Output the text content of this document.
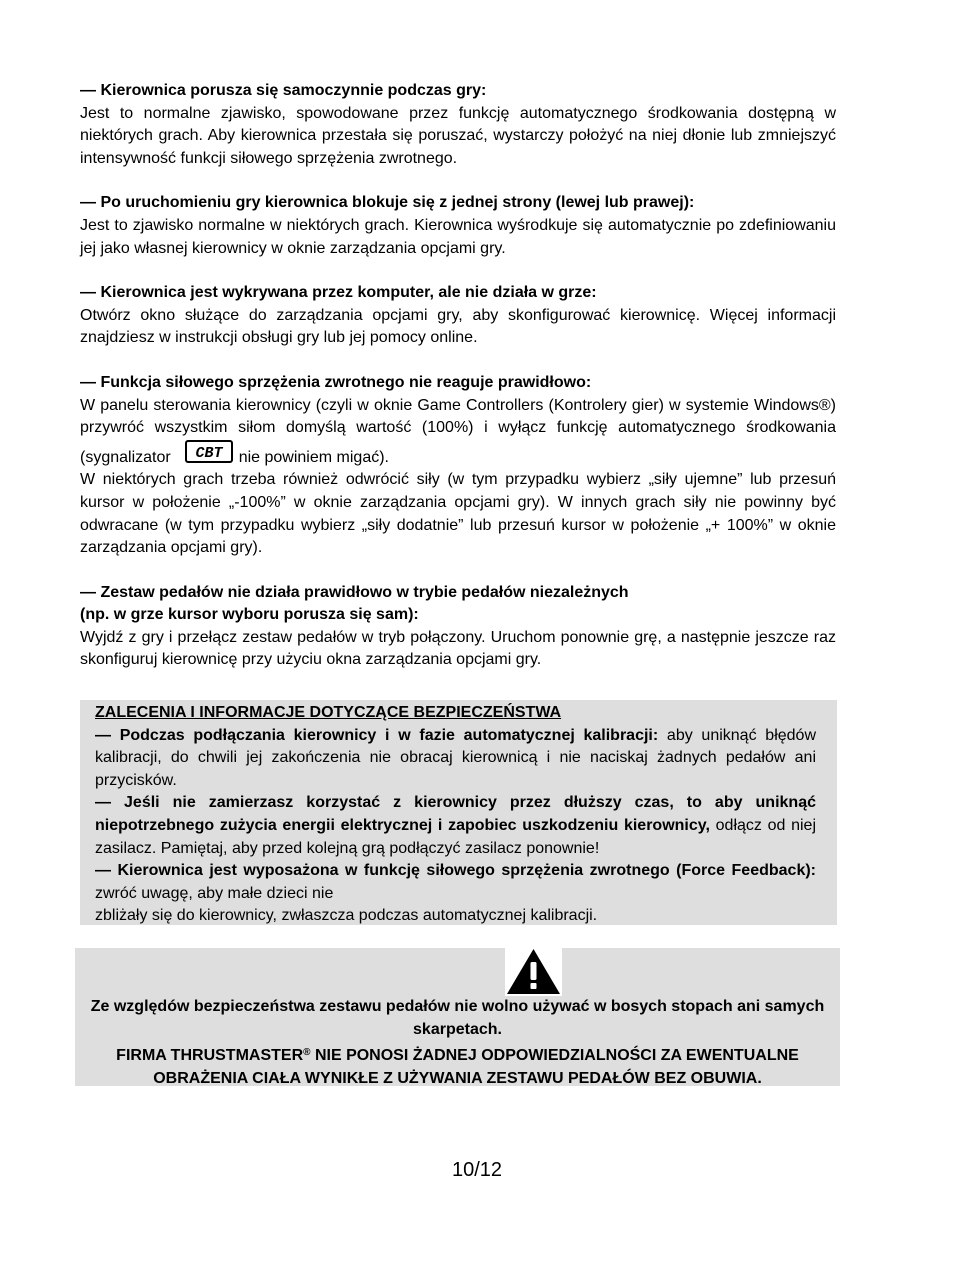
— Kierownica porusza się samoczynnie podczas gry:

Jest to normalne zjawisko, spowodowane przez funkcję automatycznego środkowania dostępną w niektórych grach. Aby kierownica przestała się poruszać, wystarczy położyć na niej dłonie lub zmniejszyć intensywność funkcji siłowego sprzężenia zwrotnego.

— Po uruchomieniu gry kierownica blokuje się z jednej strony (lewej lub prawej):

Jest to zjawisko normalne w niektórych grach. Kierownica wyśrodkuje się automatycznie po zdefiniowaniu jej jako własnej kierownicy w oknie zarządzania opcjami gry.

— Kierownica jest wykrywana przez komputer, ale nie działa w grze:

Otwórz okno służące do zarządzania opcjami gry, aby skonfigurować kierownicę. Więcej informacji znajdziesz w instrukcji obsługi gry lub jej pomocy online.

— Funkcja siłowego sprzężenia zwrotnego nie reaguje prawidłowo:

W panelu sterowania kierownicy (czyli w oknie Game Controllers (Kontrolery gier) w systemie Windows®) przywróć wszystkim siłom domyślą wartość (100%) i wyłącz funkcję automatycznego środkowania (sygnalizator CBT nie powiniem migać).

W niektórych grach trzeba również odwrócić siły (w tym przypadku wybierz „siły ujemne” lub przesuń kursor w położenie „-100%” w oknie zarządzania opcjami gry). W innych grach siły nie powinny być odwracane (w tym przypadku wybierz „siły dodatnie” lub przesuń kursor w położenie „+ 100%” w oknie zarządzania opcjami gry).

— Zestaw pedałów nie działa prawidłowo w trybie pedałów niezależnych

(np. w grze kursor wyboru porusza się sam):

Wyjdź z gry i przełącz zestaw pedałów w tryb połączony. Uruchom ponownie grę, a następnie jeszcze raz skonfiguruj kierownicę przy użyciu okna zarządzania opcjami gry.

ZALECENIA I INFORMACJE DOTYCZĄCE BEZPIECZEŃSTWA

— Podczas podłączania kierownicy i w fazie automatycznej kalibracji: aby uniknąć błędów kalibracji, do chwili jej zakończenia nie obracaj kierownicą i nie naciskaj żadnych pedałów ani przycisków.

— Jeśli nie zamierzasz korzystać z kierownicy przez dłuższy czas, to aby uniknąć niepotrzebnego zużycia energii elektrycznej i zapobiec uszkodzeniu kierownicy, odłącz od niej zasilacz. Pamiętaj, aby przed kolejną grą podłączyć zasilacz ponownie!

— Kierownica jest wyposażona w funkcję siłowego sprzężenia zwrotnego (Force Feedback): zwróć uwagę, aby małe dzieci nie

zbliżały się do kierownicy, zwłaszcza podczas automatycznej kalibracji.

Ze względów bezpieczeństwa zestawu pedałów nie wolno używać w bosych stopach ani samych skarpetach.

FIRMA THRUSTMASTER® NIE PONOSI ŻADNEJ ODPOWIEDZIALNOŚCI ZA EWENTUALNE OBRAŻENIA CIAŁA WYNIKŁE Z UŻYWANIA ZESTAWU PEDAŁÓW BEZ OBUWIA.

10/12
